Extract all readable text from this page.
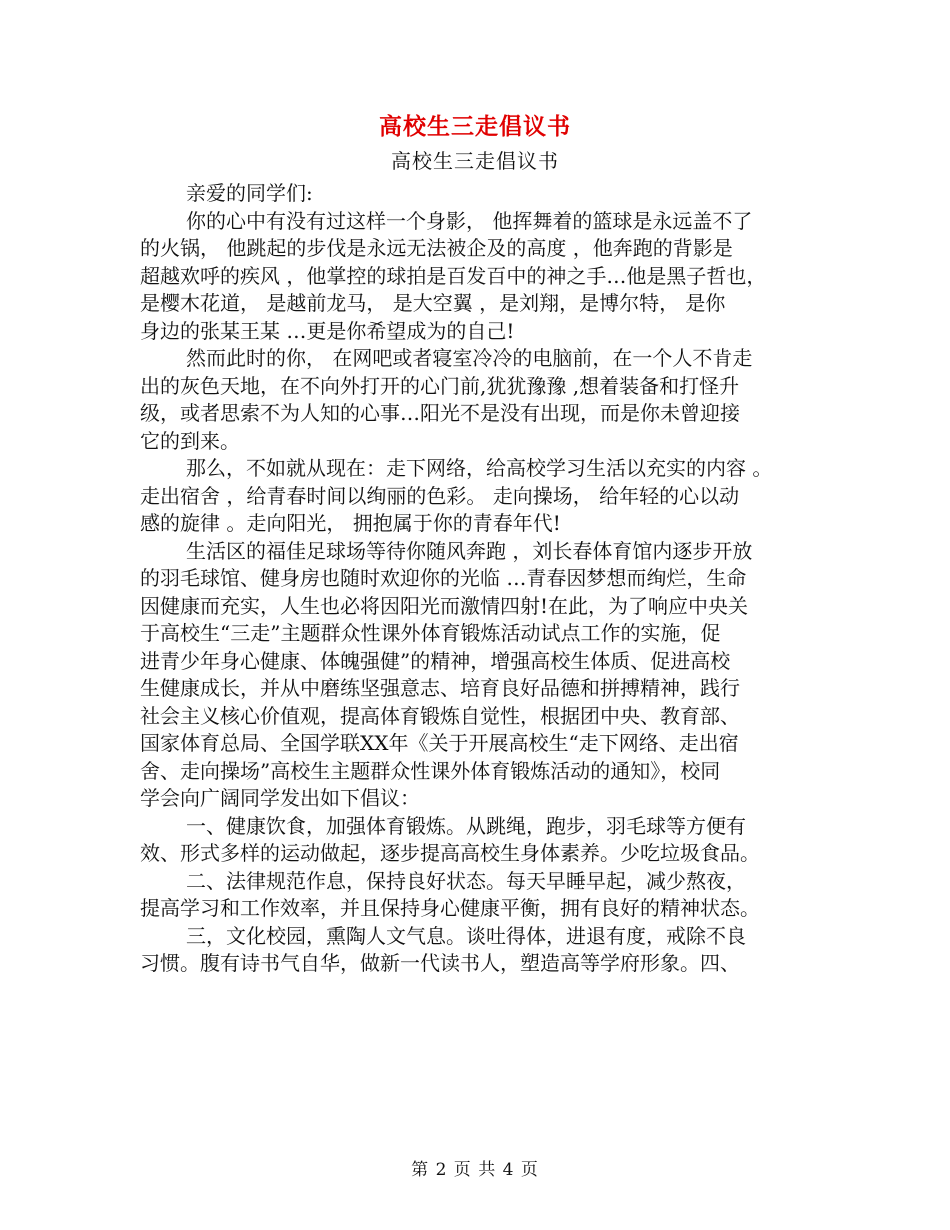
高校生三走倡议书
高校生三走倡议书
亲爱的同学们:
你的心中有没有过这样一个身影， 他挥舞着的篮球是永远盖不了
的火锅， 他跳起的步伐是永远无法被企及的高度 ，他奔跑的背影是
超越欢呼的疾风 ，他掌控的球拍是百发百中的神之手…他是黑子哲也，
是樱木花道， 是越前龙马， 是大空翼 ，是刘翔，是博尔特， 是你
身边的张某王某 …更是你希望成为的自己!
然而此时的你， 在网吧或者寝室冷冷的电脑前，在一个人不肯走
出的灰色天地，在不向外打开的心门前,犹犹豫豫 ,想着装备和打怪升
级，或者思索不为人知的心事…阳光不是没有出现，而是你未曾迎接
它的到来。
那么，不如就从现在：走下网络，给高校学习生活以充实的内容 。
走出宿舍 ，给青春时间以绚丽的色彩。 走向操场， 给年轻的心以动
感的旋律 。走向阳光， 拥抱属于你的青春年代!
生活区的福佳足球场等待你随风奔跑 ，刘长春体育馆内逐步开放
的羽毛球馆、健身房也随时欢迎你的光临 …青春因梦想而绚烂，生命
因健康而充实，人生也必将因阳光而激情四射!在此，为了响应中央关
于高校生“三走”主题群众性课外体育锻炼活动试点工作的实施，促
进青少年身心健康、体魄强健”的精神，增强高校生体质、促进高校
生健康成长，并从中磨练坚强意志、培育良好品德和拼搏精神，践行
社会主义核心价值观，提高体育锻炼自觉性，根据团中央、教育部、
国家体育总局、全国学联XX年《关于开展高校生“走下网络、走出宿
舍、走向操场”高校生主题群众性课外体育锻炼活动的通知》，校同
学会向广阔同学发出如下倡议：
一、健康饮食，加强体育锻炼。从跳绳，跑步，羽毛球等方便有
效、形式多样的运动做起，逐步提高高校生身体素养。少吃垃圾食品。
二、法律规范作息，保持良好状态。每天早睡早起，减少熬夜，
提高学习和工作效率，并且保持身心健康平衡，拥有良好的精神状态。
三，文化校园，熏陶人文气息。谈吐得体，进退有度，戒除不良
习惯。腹有诗书气自华，做新一代读书人，塑造高等学府形象。四、
第 2 页 共 4 页
